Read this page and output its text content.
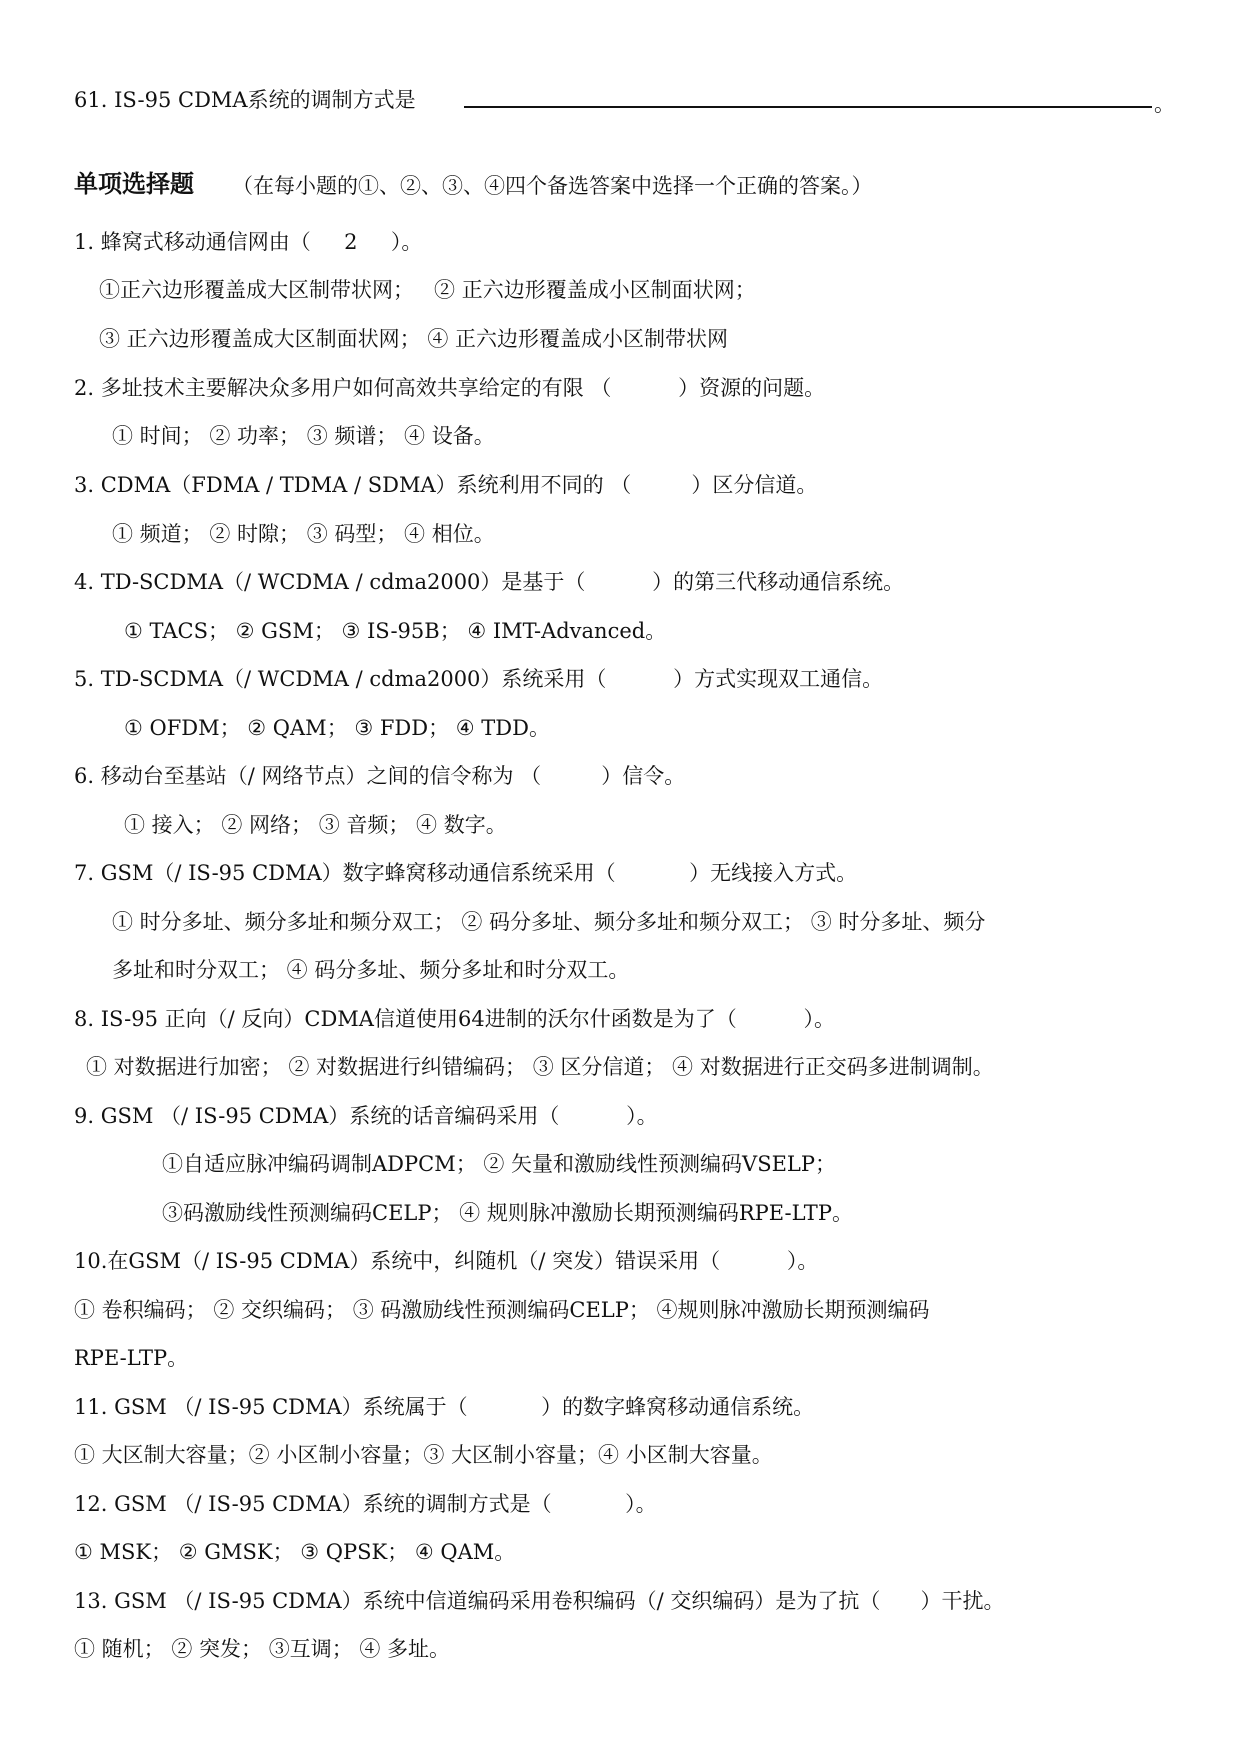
61. IS-95 CDMA系统的调制方式是	。
单项选择题 （在每小题的①、②、③、④四个备选答案中选择一个正确的答案。）
1. 蜂窝式移动通信网由（     2     ）。
①正六边形覆盖成大区制带状网；   ② 正六边形覆盖成小区制面状网；
③ 正六边形覆盖成大区制面状网； ④ 正六边形覆盖成小区制带状网
2. 多址技术主要解决众多用户如何高效共享给定的有限 （          ）资源的问题。
① 时间； ② 功率； ③ 频谱； ④ 设备。
3. CDMA（FDMA / TDMA / SDMA）系统利用不同的 （         ）区分信道。
① 频道； ② 时隙； ③ 码型； ④ 相位。
4. TD-SCDMA（/ WCDMA / cdma2000）是基于（          ）的第三代移动通信系统。
① TACS； ② GSM； ③ IS-95B； ④ IMT-Advanced。
5. TD-SCDMA（/ WCDMA / cdma2000）系统采用（          ）方式实现双工通信。
① OFDM； ② QAM； ③ FDD； ④ TDD。
6. 移动台至基站（/ 网络节点）之间的信令称为 （         ）信令。
① 接入； ② 网络； ③ 音频； ④ 数字。
7. GSM（/ IS-95 CDMA）数字蜂窝移动通信系统采用（           ）无线接入方式。
① 时分多址、频分多址和频分双工； ② 码分多址、频分多址和频分双工； ③ 时分多址、频分
多址和时分双工； ④ 码分多址、频分多址和时分双工。
8. IS-95 正向（/ 反向）CDMA信道使用64进制的沃尔什函数是为了（          ）。
① 对数据进行加密； ② 对数据进行纠错编码； ③ 区分信道； ④ 对数据进行正交码多进制调制。
9. GSM （/ IS-95 CDMA）系统的话音编码采用（          ）。
①自适应脉冲编码调制ADPCM； ② 矢量和激励线性预测编码VSELP；
③码激励线性预测编码CELP； ④ 规则脉冲激励长期预测编码RPE-LTP。
10.在GSM（/ IS-95 CDMA）系统中，纠随机（/ 突发）错误采用（          ）。
① 卷积编码； ② 交织编码； ③ 码激励线性预测编码CELP； ④规则脉冲激励长期预测编码
RPE-LTP。
11. GSM （/ IS-95 CDMA）系统属于（           ）的数字蜂窝移动通信系统。
① 大区制大容量；② 小区制小容量；③ 大区制小容量；④ 小区制大容量。
12. GSM （/ IS-95 CDMA）系统的调制方式是（           ）。
① MSK； ② GMSK； ③ QPSK； ④ QAM。
13. GSM （/ IS-95 CDMA）系统中信道编码采用卷积编码（/ 交织编码）是为了抗（      ）干扰。
① 随机； ② 突发； ③互调； ④ 多址。
